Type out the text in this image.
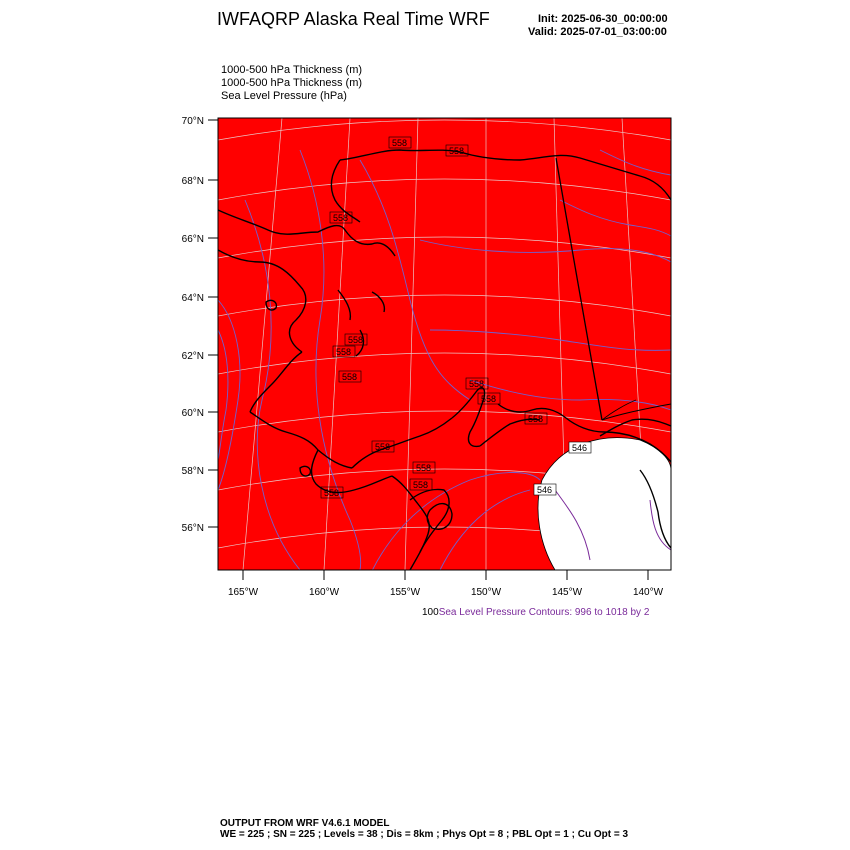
IWFAQRP Alaska Real Time WRF	Init: 2025-06-30_00:00:00
Valid: 2025-07-01_03:00:00
1000-500 hPa Thickness (m)
1000-500 hPa Thickness (m)
Sea Level Pressure (hPa)
70°N
68°N
66°N
64°N
62°N
60°N
58°N
56°N
165°W	160°W	155°W	150°W	145°W	140°W
558
558
558
558
558
558
558
558
558
558
558
558
558
546
546
100Sea Level Pressure Contours: 996 to 1018 by 2
OUTPUT FROM WRF V4.6.1 MODEL
WE = 225 ; SN = 225 ; Levels = 38 ; Dis = 8km ; Phys Opt = 8 ; PBL Opt = 1 ; Cu Opt = 3
